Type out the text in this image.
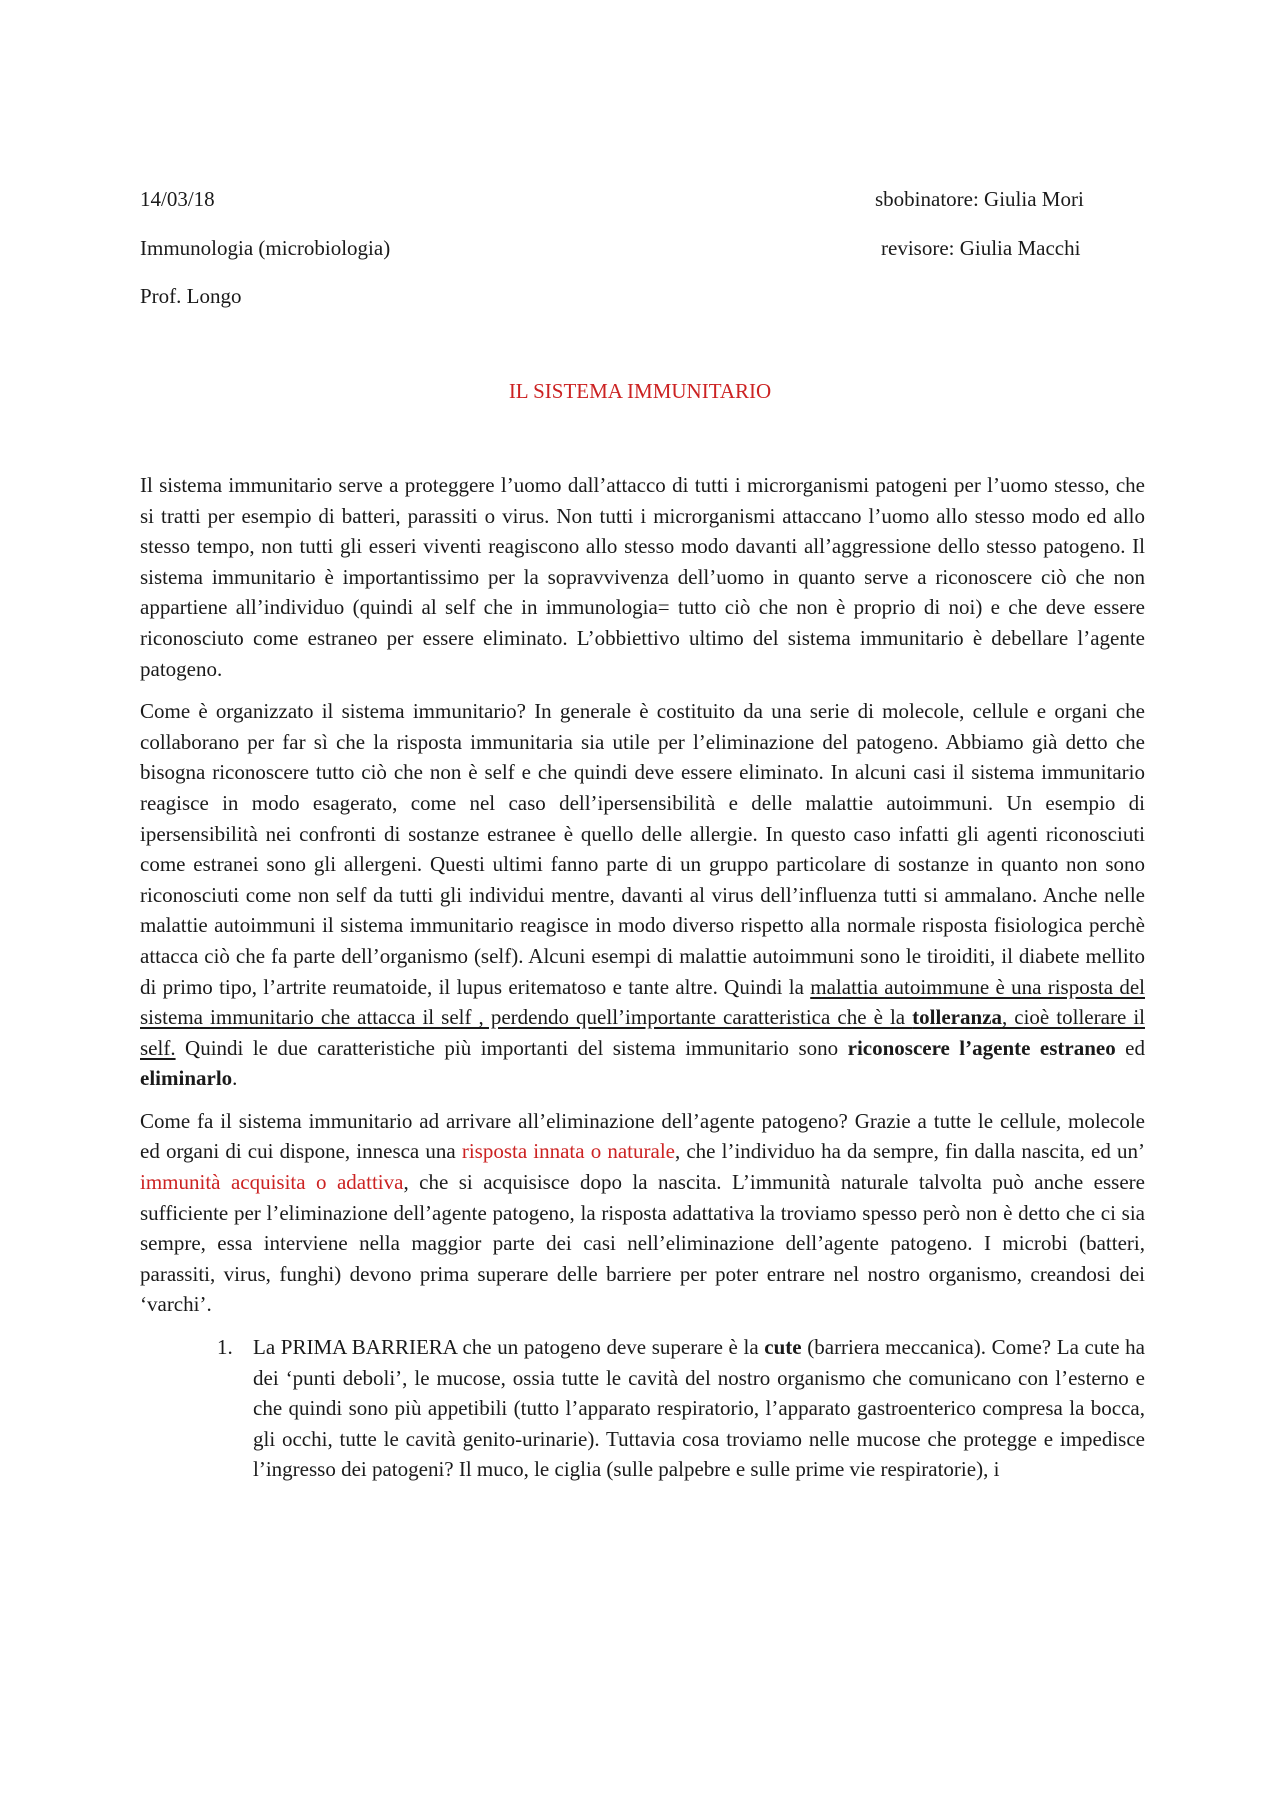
14/03/18
Immunologia (microbiologia)
Prof. Longo
sbobinatore: Giulia Mori
revisore: Giulia Macchi
IL SISTEMA IMMUNITARIO

Il sistema immunitario serve a proteggere l’uomo dall’attacco di tutti i microrganismi patogeni per l’uomo stesso, che si tratti per esempio di batteri, parassiti o virus. Non tutti i microrganismi attaccano l’uomo allo stesso modo ed allo stesso tempo, non tutti gli esseri viventi reagiscono allo stesso modo davanti all’aggressione dello stesso patogeno. Il sistema immunitario è importantissimo per la sopravvivenza dell’uomo in quanto serve a riconoscere ciò che non appartiene all’individuo (quindi al self che in immunologia= tutto ciò che non è proprio di noi) e che deve essere riconosciuto come estraneo per essere eliminato. L’obbiettivo ultimo del sistema immunitario è debellare l’agente patogeno.

Come è organizzato il sistema immunitario? In generale è costituito da una serie di molecole, cellule e organi che collaborano per far sì che la risposta immunitaria sia utile per l’eliminazione del patogeno. Abbiamo già detto che bisogna riconoscere tutto ciò che non è self e che quindi deve essere eliminato. In alcuni casi il sistema immunitario reagisce in modo esagerato, come nel caso dell’ipersensibilità e delle malattie autoimmuni. Un esempio di ipersensibilità nei confronti di sostanze estranee è quello delle allergie. In questo caso infatti gli agenti riconosciuti come estranei sono gli allergeni. Questi ultimi fanno parte di un gruppo particolare di sostanze in quanto non sono riconosciuti come non self da tutti gli individui mentre, davanti al virus dell’influenza tutti si ammalano. Anche nelle malattie autoimmuni il sistema immunitario reagisce in modo diverso rispetto alla normale risposta fisiologica perchè attacca ciò che fa parte dell’organismo (self). Alcuni esempi di malattie autoimmuni sono le tiroiditi, il diabete mellito di primo tipo, l’artrite reumatoide, il lupus eritematoso e tante altre. Quindi la malattia autoimmune è una risposta del sistema immunitario che attacca il self , perdendo quell’importante caratteristica che è la tolleranza, cioè tollerare il self. Quindi le due caratteristiche più importanti del sistema immunitario sono riconoscere l’agente estraneo ed eliminarlo.

Come fa il sistema immunitario ad arrivare all’eliminazione dell’agente patogeno? Grazie a tutte le cellule, molecole ed organi di cui dispone, innesca una risposta innata o naturale, che l’individuo ha da sempre, fin dalla nascita, ed un’ immunità acquisita o adattiva, che si acquisisce dopo la nascita. L’immunità naturale talvolta può anche essere sufficiente per l’eliminazione dell’agente patogeno, la risposta adattativa la troviamo spesso però non è detto che ci sia sempre, essa interviene nella maggior parte dei casi nell’eliminazione dell’agente patogeno. I microbi (batteri, parassiti, virus, funghi) devono prima superare delle barriere per poter entrare nel nostro organismo, creandosi dei ‘varchi’.

1. La PRIMA BARRIERA che un patogeno deve superare è la cute (barriera meccanica). Come? La cute ha dei ‘punti deboli’, le mucose, ossia tutte le cavità del nostro organismo che comunicano con l’esterno e che quindi sono più appetibili (tutto l’apparato respiratorio, l’apparato gastroenterico compresa la bocca, gli occhi, tutte le cavità genito-urinarie). Tuttavia cosa troviamo nelle mucose che protegge e impedisce l’ingresso dei patogeni? Il muco, le ciglia (sulle palpebre e sulle prime vie respiratorie), i
